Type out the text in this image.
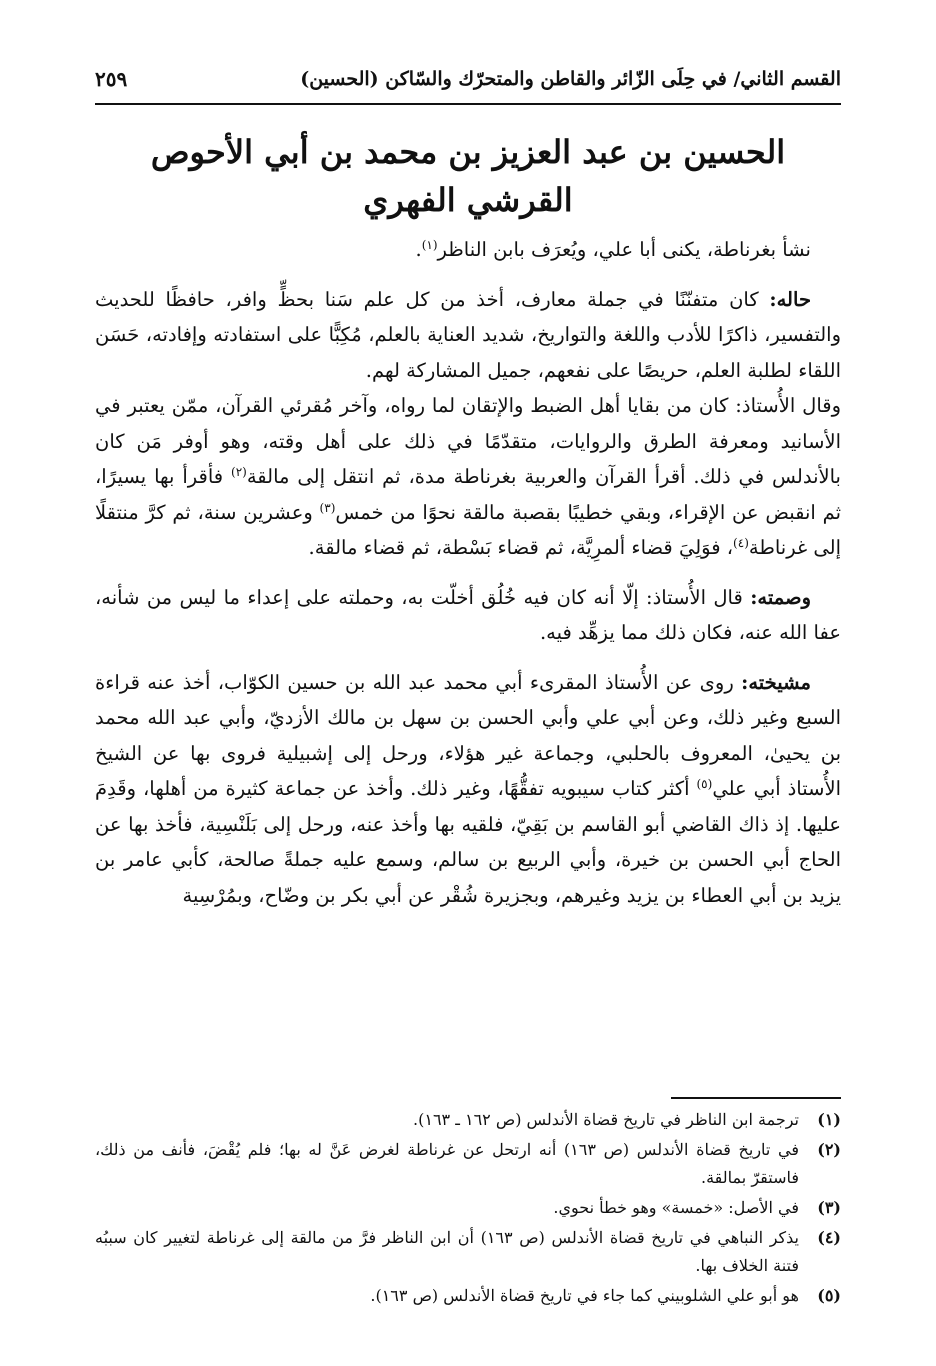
القسم الثاني/ في حِلَى الزّائر والقاطن والمتحرّك والسّاكن (الحسين)
٢٥٩
الحسين بن عبد العزيز بن محمد بن أبي الأحوص
القرشي الفهري

نشأ بغرناطة، يكنى أبا علي، ويُعرَف بابن الناظر$^{(١)}$.

حاله: كان متفنّنًا في جملة معارف، أخذ من كل علم سَنا بحظٍّ وافر، حافظًا للحديث والتفسير، ذاكرًا للأدب واللغة والتواريخ، شديد العناية بالعلم، مُكِبًّا على استفادته وإفادته، حَسَن اللقاء لطلبة العلم، حريصًا على نفعهم، جميل المشاركة لهم.

وقال الأُستاذ: كان من بقايا أهل الضبط والإتقان لما رواه، وآخر مُقرئي القرآن، ممّن يعتبر في الأسانيد ومعرفة الطرق والروايات، متقدّمًا في ذلك على أهل وقته، وهو أوفر مَن كان بالأندلس في ذلك. أقرأ القرآن والعربية بغرناطة مدة، ثم انتقل إلى مالقة$^{(٢)}$ فأقرأ بها يسيرًا، ثم انقبض عن الإقراء، وبقي خطيبًا بقصبة مالقة نحوًا من خمس$^{(٣)}$ وعشرين سنة، ثم كرَّ منتقلًا إلى غرناطة$^{(٤)}$، فوَلِيَ قضاء ألمرِيَّة، ثم قضاء بَسْطة، ثم قضاء مالقة.

وصمته: قال الأُستاذ: إلّا أنه كان فيه خُلُق أخلّت به، وحملته على إعداء ما ليس من شأنه، عفا الله عنه، فكان ذلك مما يزهِّد فيه.

مشيخته: روى عن الأُستاذ المقرىء أبي محمد عبد الله بن حسين الكوّاب، أخذ عنه قراءة السبع وغير ذلك، وعن أبي علي وأبي الحسن بن سهل بن مالك الأزديّ، وأبي عبد الله محمد بن يحيىٰ، المعروف بالحلبي، وجماعة غير هؤلاء، ورحل إلى إشبيلية فروى بها عن الشيخ الأُستاذ أبي علي$^{(٥)}$ أكثر كتاب سيبويه تفقُّهًا، وغير ذلك. وأخذ عن جماعة كثيرة من أهلها، وقَدِمَ عليها. إذ ذاك القاضي أبو القاسم بن بَقِيّ، فلقيه بها وأخذ عنه، ورحل إلى بَلَنْسِية، فأخذ بها عن الحاج أبي الحسن بن خيرة، وأبي الربيع بن سالم، وسمع عليه جملةً صالحة، كأبي عامر بن يزيد بن أبي العطاء بن يزيد وغيرهم، وبجزيرة شُقْر عن أبي بكر بن وضّاح، وبمُرْسِية

(١)
ترجمة ابن الناظر في تاريخ قضاة الأندلس (ص ١٦٢ ـ ١٦٣).
(٢)
في تاريخ قضاة الأندلس (ص ١٦٣) أنه ارتحل عن غرناطة لغرض عَنَّ له بها؛ فلم يُقْضَ، فأنف من ذلك، فاستقرّ بمالقة.
(٣)
في الأصل: «خمسة» وهو خطأ نحوي.
(٤)
يذكر النباهي في تاريخ قضاة الأندلس (ص ١٦٣) أن ابن الناظر فرَّ من مالقة إلى غرناطة لتغيير كان سببُه فتنة الخلاف بها.
(٥)
هو أبو علي الشلوبيني كما جاء في تاريخ قضاة الأندلس (ص ١٦٣).
